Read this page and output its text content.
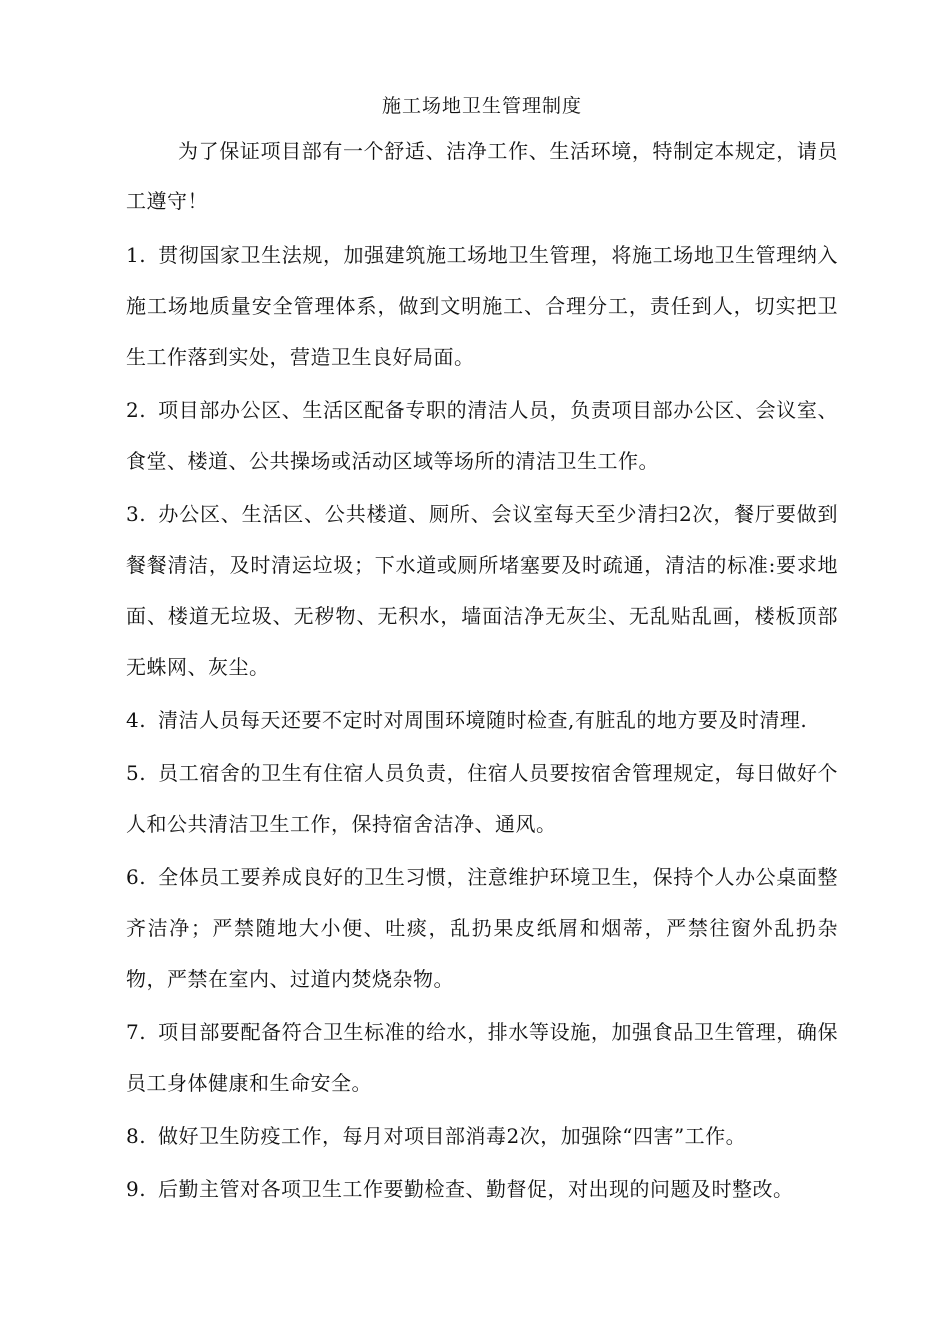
施工场地卫生管理制度

为了保证项目部有一个舒适、洁净工作、生活环境，特制定本规定，请员工遵守！

1. 贯彻国家卫生法规，加强建筑施工场地卫生管理，将施工场地卫生管理纳入施工场地质量安全管理体系，做到文明施工、合理分工，责任到人，切实把卫生工作落到实处，营造卫生良好局面。

2. 项目部办公区、生活区配备专职的清洁人员，负责项目部办公区、会议室、食堂、楼道、公共操场或活动区域等场所的清洁卫生工作。

3. 办公区、生活区、公共楼道、厕所、会议室每天至少清扫2次，餐厅要做到餐餐清洁，及时清运垃圾；下水道或厕所堵塞要及时疏通，清洁的标准:要求地面、楼道无垃圾、无秽物、无积水，墙面洁净无灰尘、无乱贴乱画，楼板顶部无蛛网、灰尘。

4. 清洁人员每天还要不定时对周围环境随时检查,有脏乱的地方要及时清理.

5. 员工宿舍的卫生有住宿人员负责，住宿人员要按宿舍管理规定，每日做好个人和公共清洁卫生工作，保持宿舍洁净、通风。

6. 全体员工要养成良好的卫生习惯，注意维护环境卫生，保持个人办公桌面整齐洁净；严禁随地大小便、吐痰，乱扔果皮纸屑和烟蒂，严禁往窗外乱扔杂物，严禁在室内、过道内焚烧杂物。

7. 项目部要配备符合卫生标准的给水，排水等设施，加强食品卫生管理，确保员工身体健康和生命安全。

8. 做好卫生防疫工作，每月对项目部消毒2次，加强除“四害”工作。

9. 后勤主管对各项卫生工作要勤检查、勤督促，对出现的问题及时整改。
